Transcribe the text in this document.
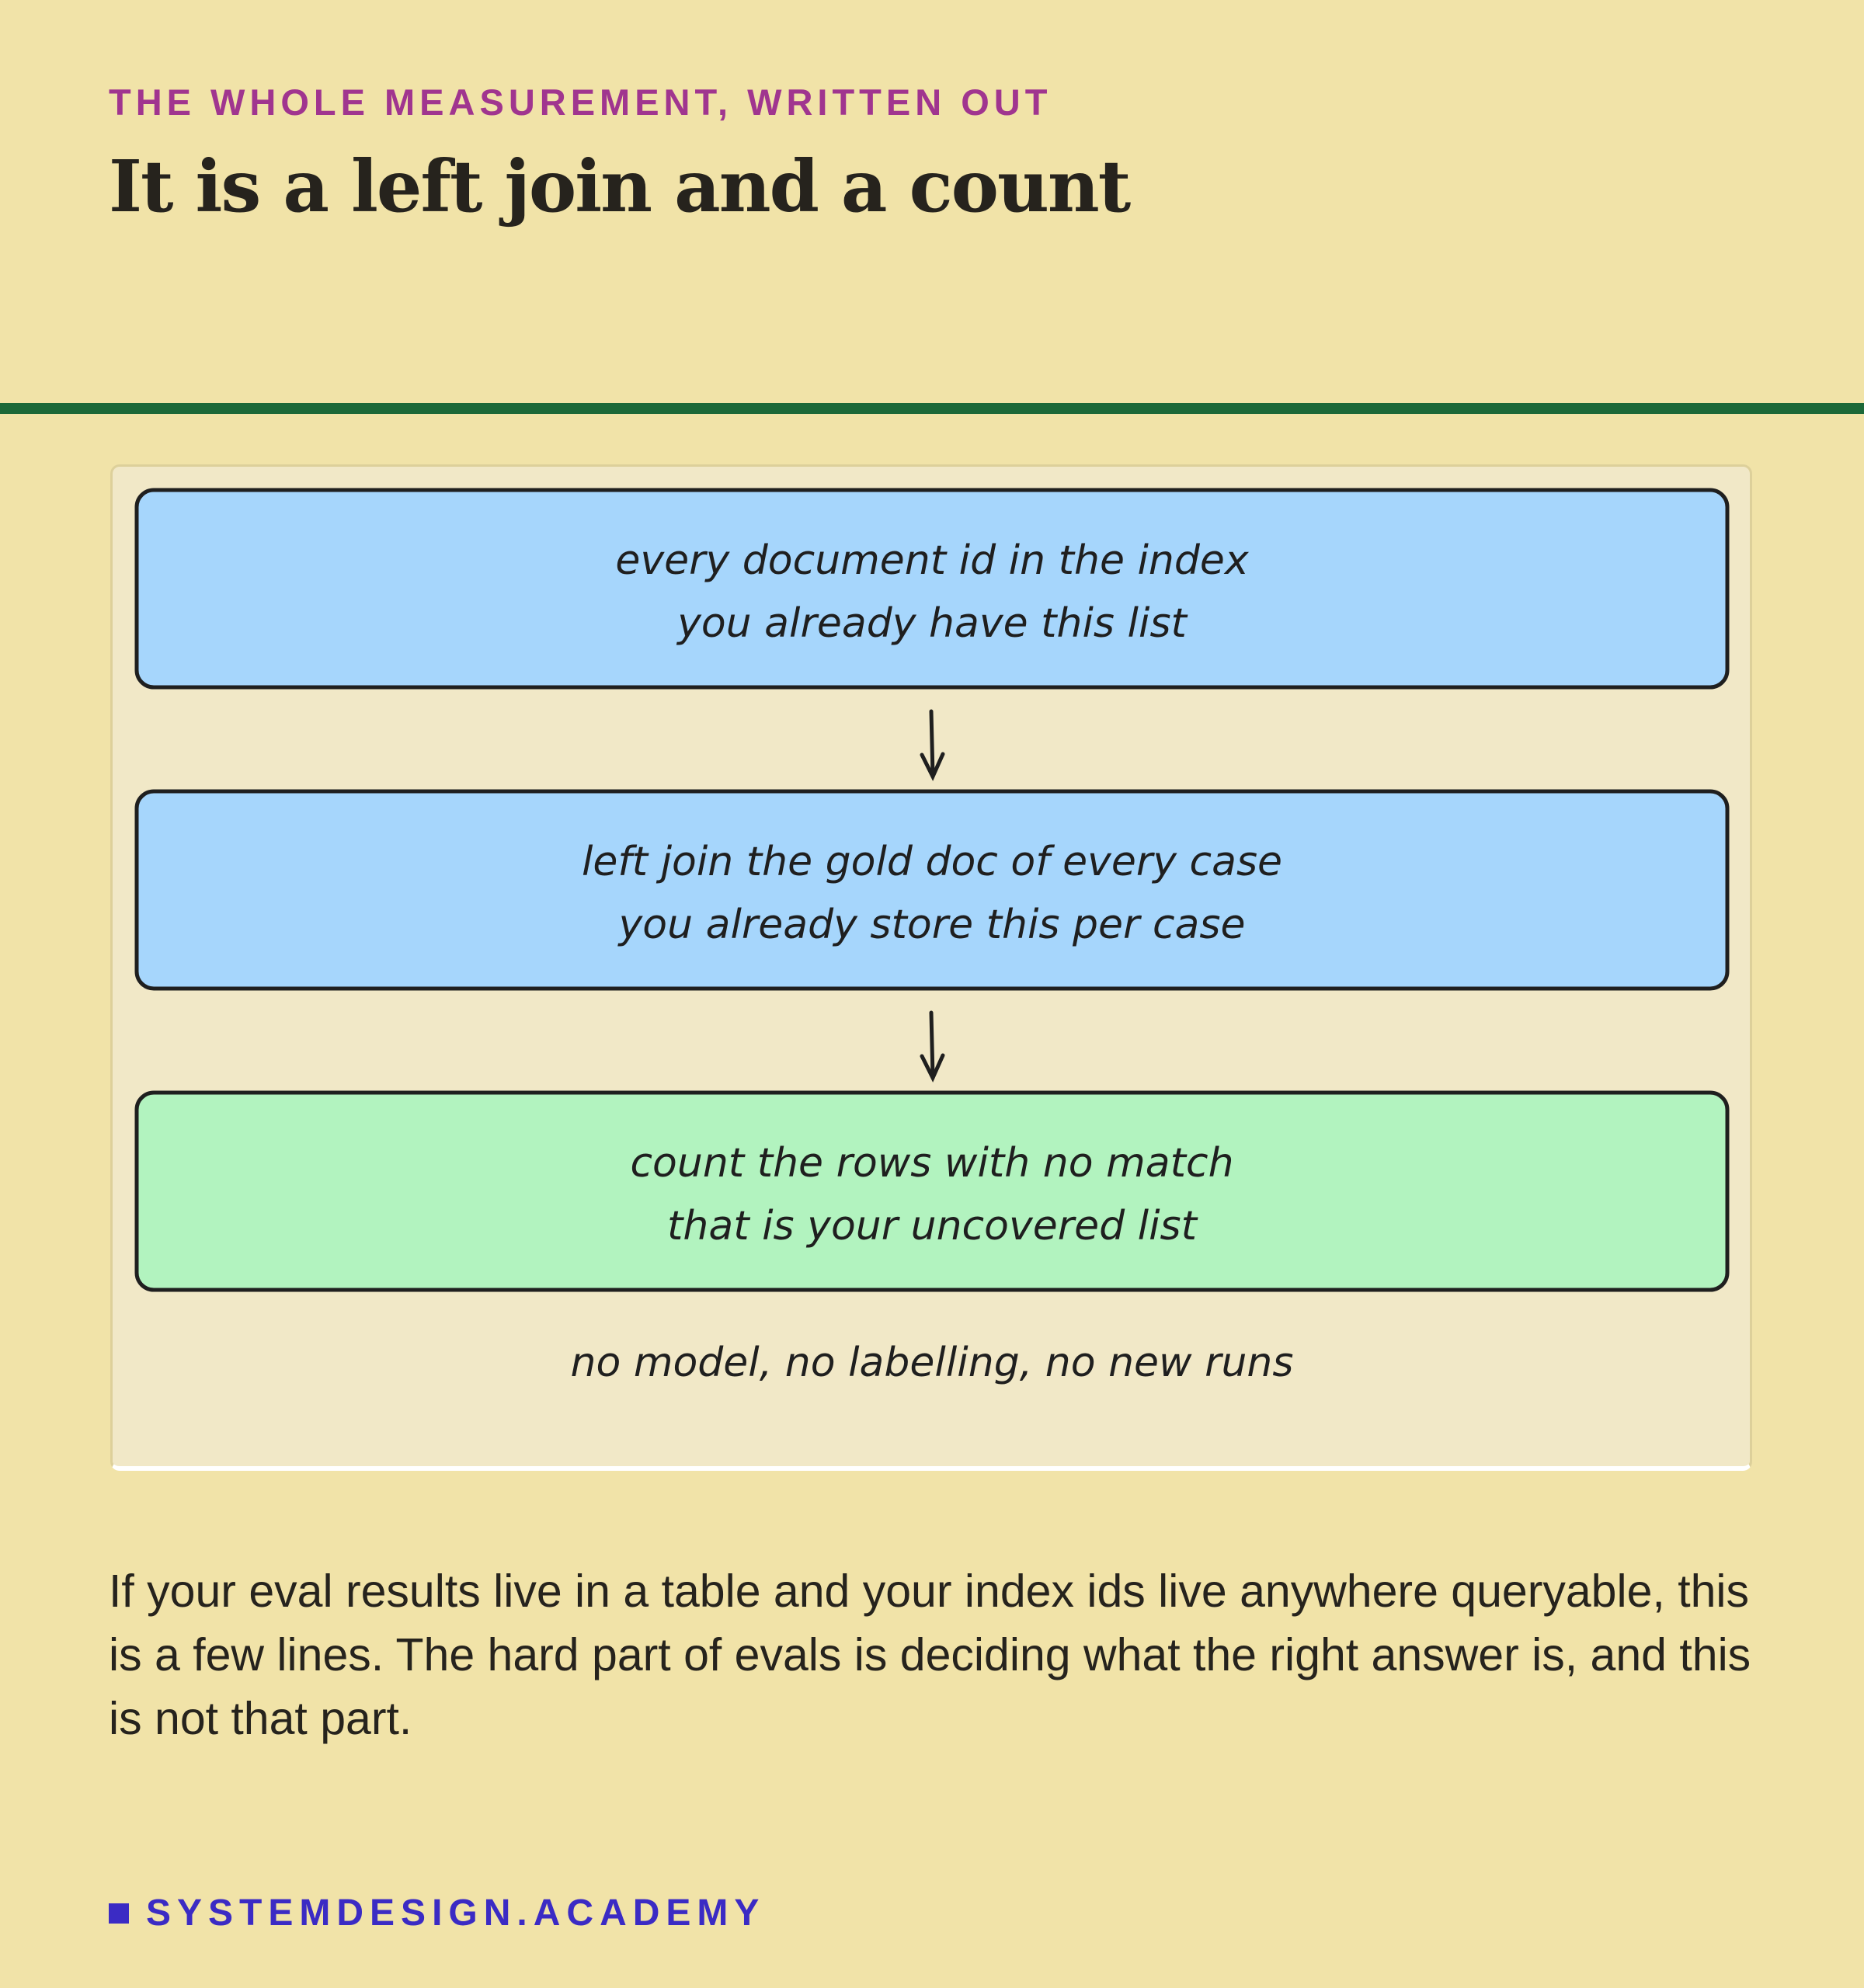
THE WHOLE MEASUREMENT, WRITTEN OUT
It is a left join and a count
every document id in the index
you already have this list
left join the gold doc of every case
you already store this per case
count the rows with no match
that is your uncovered list
no model, no labelling, no new runs
If your eval results live in a table and your index ids live anywhere queryable, this is a few lines. The hard part of evals is deciding what the right answer is, and this is not that part.
SYSTEMDESIGN.ACADEMY
